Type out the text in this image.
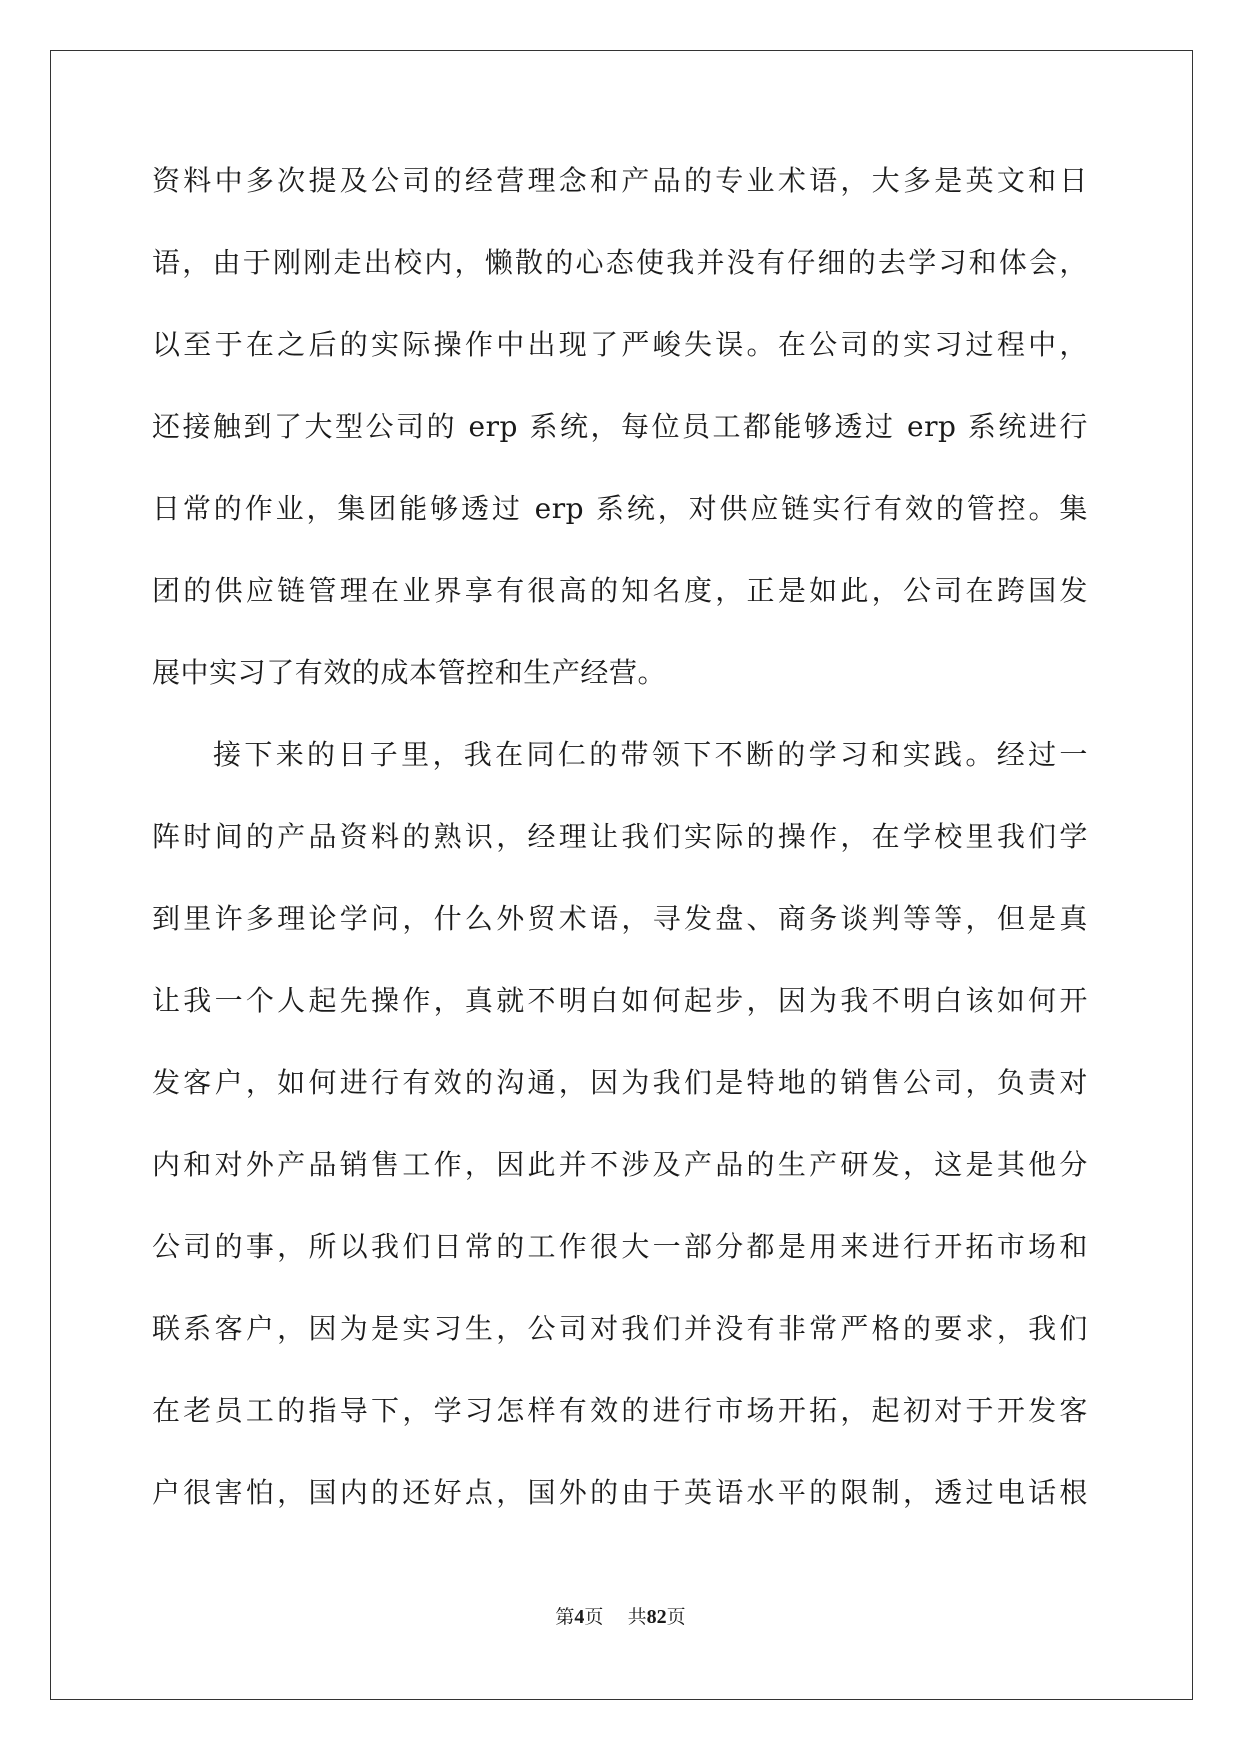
资料中多次提及公司的经营理念和产品的专业术语，大多是英文和日
语，由于刚刚走出校内，懒散的心态使我并没有仔细的去学习和体会，
以至于在之后的实际操作中出现了严峻失误。在公司的实习过程中，
还接触到了大型公司的 erp 系统，每位员工都能够透过 erp 系统进行
日常的作业，集团能够透过 erp 系统，对供应链实行有效的管控。集
团的供应链管理在业界享有很高的知名度，正是如此，公司在跨国发
展中实习了有效的成本管控和生产经营。
接下来的日子里，我在同仁的带领下不断的学习和实践。经过一
阵时间的产品资料的熟识，经理让我们实际的操作，在学校里我们学
到里许多理论学问，什么外贸术语，寻发盘、商务谈判等等，但是真
让我一个人起先操作，真就不明白如何起步，因为我不明白该如何开
发客户，如何进行有效的沟通，因为我们是特地的销售公司，负责对
内和对外产品销售工作，因此并不涉及产品的生产研发，这是其他分
公司的事，所以我们日常的工作很大一部分都是用来进行开拓市场和
联系客户，因为是实习生，公司对我们并没有非常严格的要求，我们
在老员工的指导下，学习怎样有效的进行市场开拓，起初对于开发客
户很害怕，国内的还好点，国外的由于英语水平的限制，透过电话根
第4页 共82页
